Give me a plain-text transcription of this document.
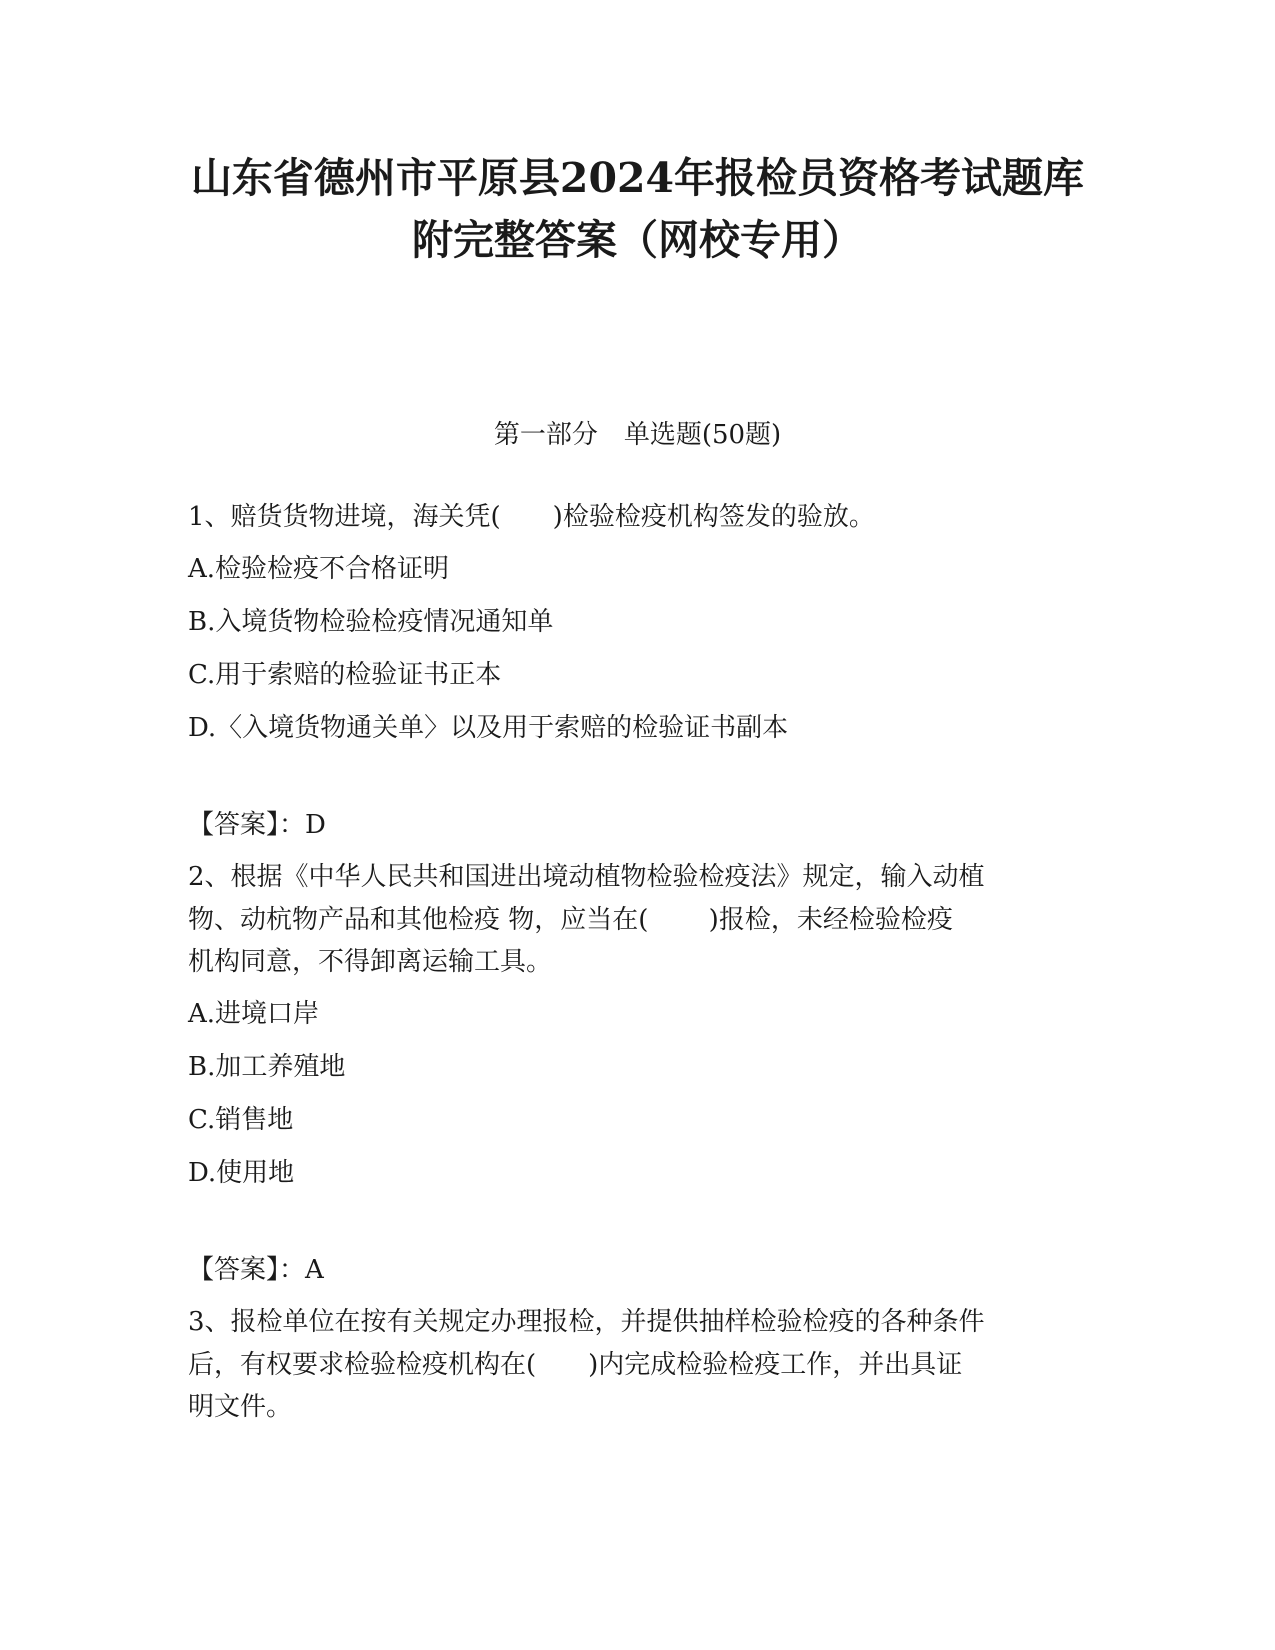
山东省德州市平原县2024年报检员资格考试题库
附完整答案（网校专用）
第一部分　单选题(50题)
1、赔货货物进境，海关凭(　　)检验检疫机构签发的验放。
A.检验检疫不合格证明
B.入境货物检验检疫情况通知单
C.用于索赔的检验证书正本
D.〈入境货物通关单〉以及用于索赔的检验证书副本
【答案】：D
2、根据《中华人民共和国进出境动植物检验检疫法》规定，输入动植
物、动杭物产品和其他检疫 物，应当在(　　 )报检，未经检验检疫
机构同意，不得卸离运输工具。
A.进境口岸
B.加工养殖地
C.销售地
D.使用地
【答案】：A
3、报检单位在按有关规定办理报检，并提供抽样检验检疫的各种条件
后，有权要求检验检疫机构在(　　)内完成检验检疫工作，并出具证
明文件。
